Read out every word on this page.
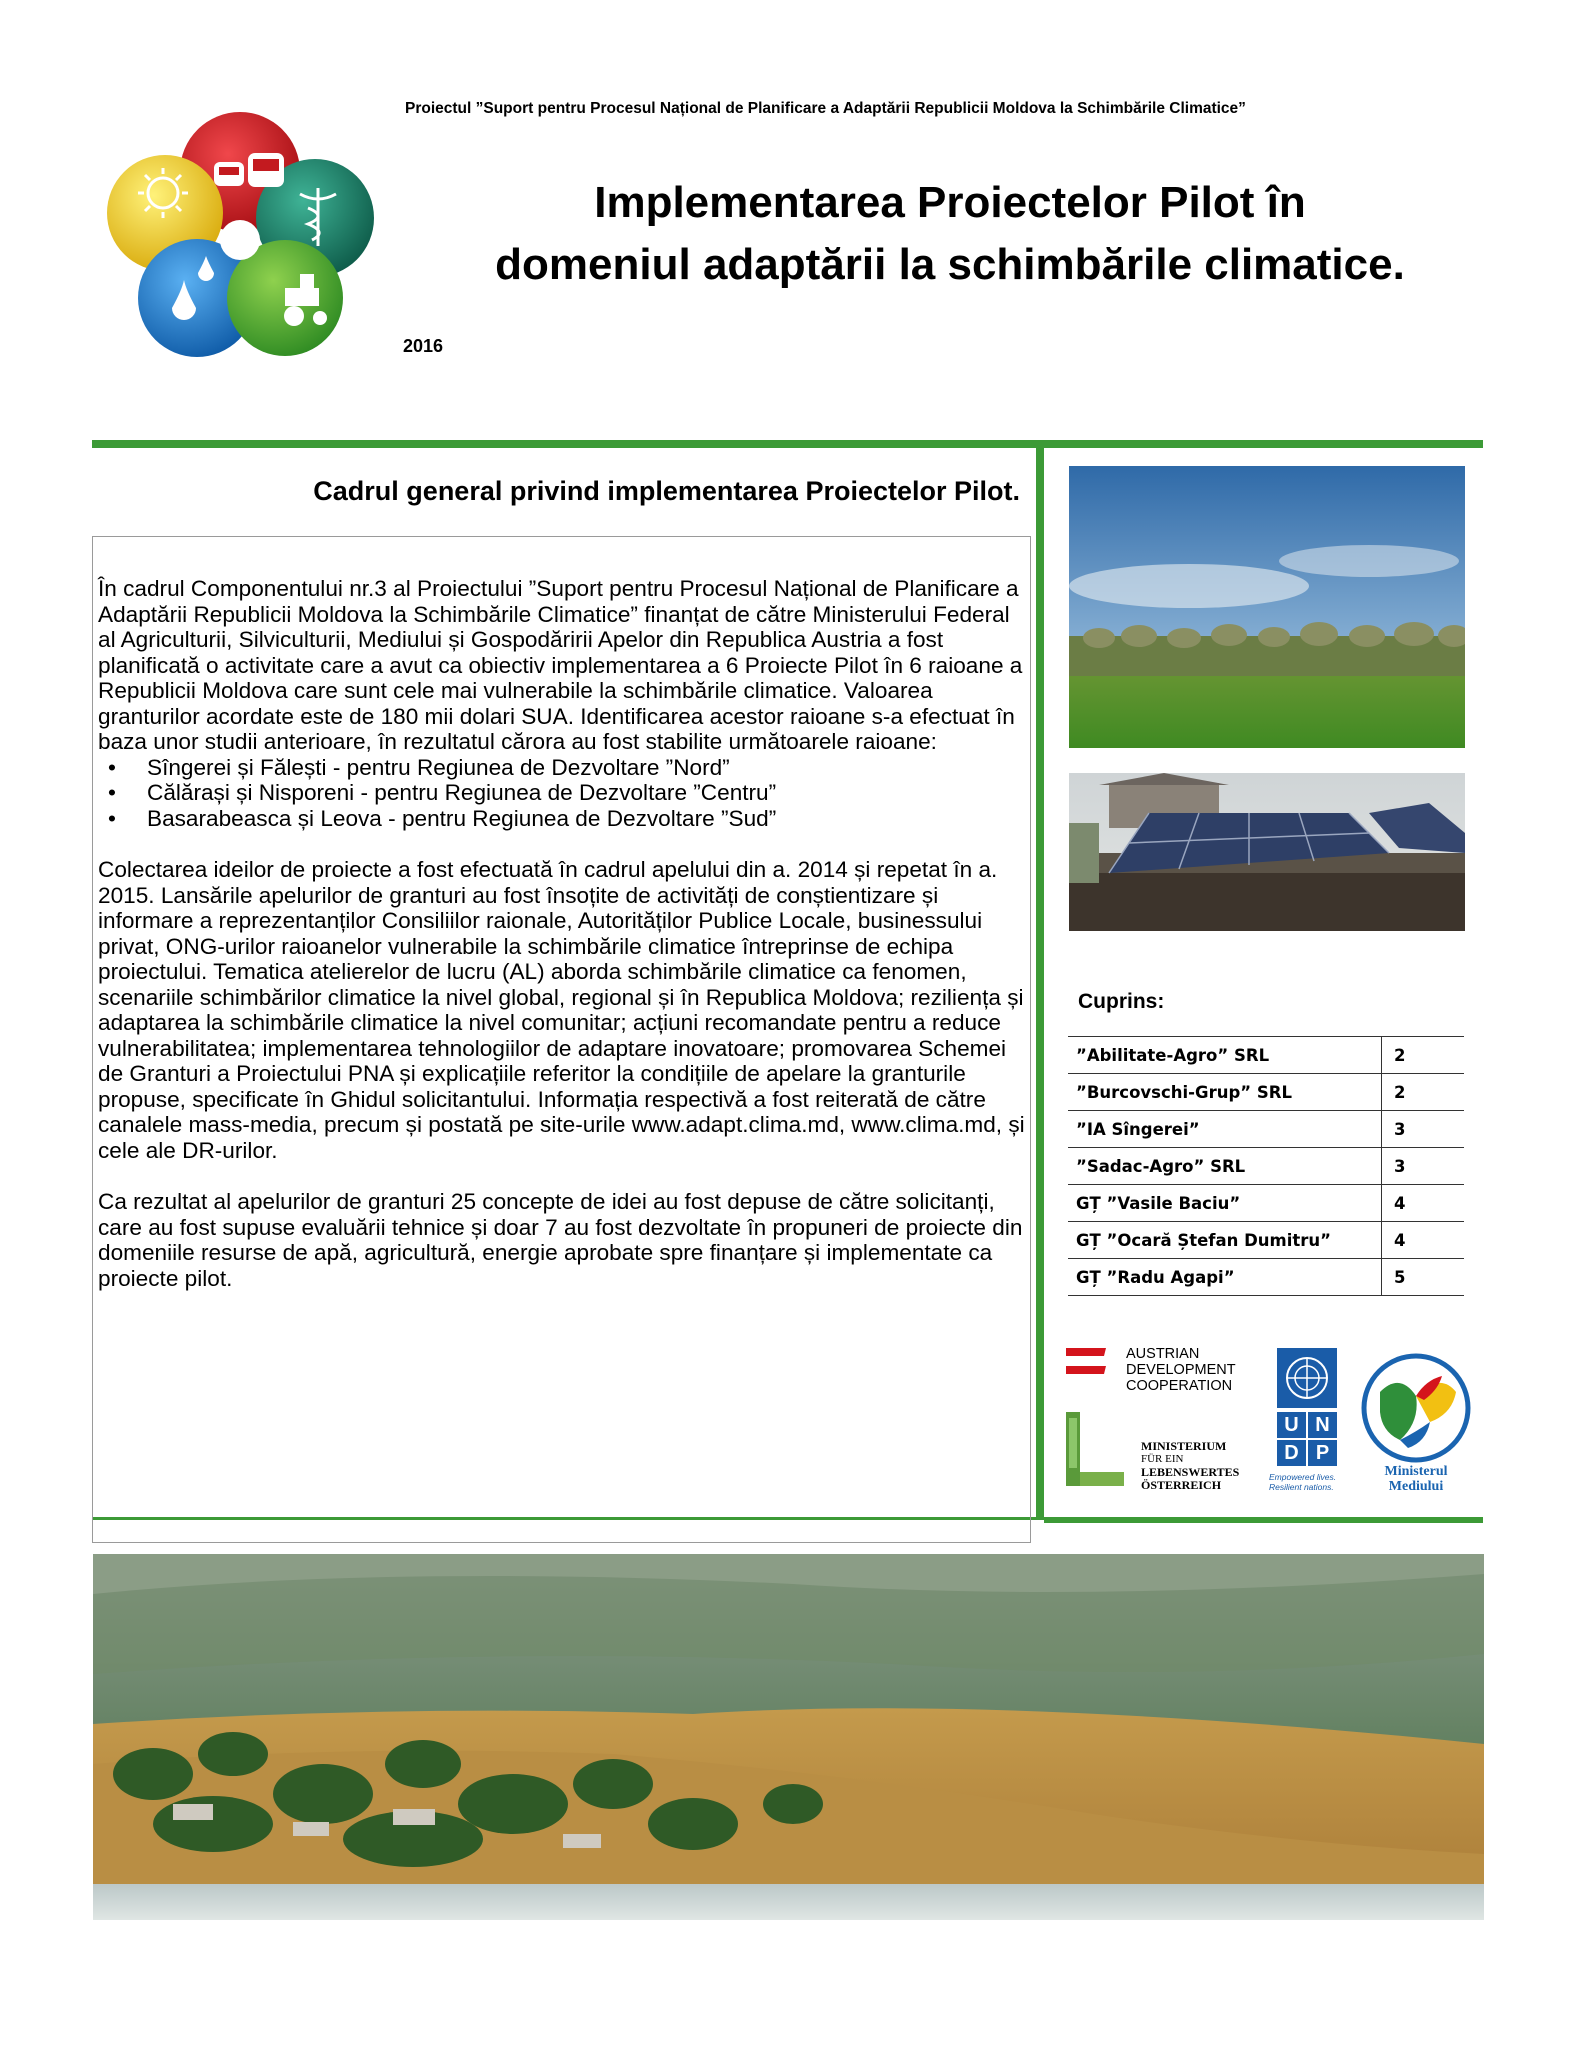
Proiectul ”Suport pentru Procesul Național de Planificare a Adaptării Republicii Moldova la Schimbările Climatice”
Implementarea Proiectelor Pilot în
domeniul adaptării la schimbările climatice.
2016
Cadrul general privind implementarea Proiectelor Pilot.

În cadrul Componentului nr.3 al Proiectului ”Suport pentru Procesul Național de Planificare a Adaptării Republicii Moldova la Schimbările Climatice” finanțat de către Ministerului Federal al Agriculturii, Silviculturii, Mediului și Gospodăririi Apelor din Republica Austria a fost planificată o activitate care a avut ca obiectiv implementarea a 6 Proiecte Pilot în 6 raioane a Republicii Moldova care sunt cele mai vulnerabile la schimbările climatice. Valoarea granturilor acordate este de 180 mii dolari SUA. Identificarea acestor raioane s-a efectuat în baza unor studii anterioare, în rezultatul cărora au fost stabilite următoarele raioane:

• Sîngerei și Fălești - pentru Regiunea de Dezvoltare ”Nord”
• Călărași și Nisporeni - pentru Regiunea de Dezvoltare ”Centru”
• Basarabeasca și Leova - pentru Regiunea de Dezvoltare ”Sud”

Colectarea ideilor de proiecte a fost efectuată în cadrul apelului din a. 2014 și repetat în a. 2015. Lansările apelurilor de granturi au fost însoțite de activități de conștientizare și informare a reprezentanților Consiliilor raionale, Autorităților Publice Locale, businessului privat, ONG-urilor raioanelor vulnerabile la schimbările climatice întreprinse de echipa proiectului. Tematica atelierelor de lucru (AL) aborda schimbările climatice ca fenomen, scenariile schimbărilor climatice la nivel global, regional și în Republica Moldova; reziliența și adaptarea la schimbările climatice la nivel comunitar; acțiuni recomandate pentru a reduce vulnerabilitatea; implementarea tehnologiilor de adaptare inovatoare; promovarea Schemei de Granturi a Proiectului PNA și explicațiile referitor la condițiile de apelare la granturile propuse, specificate în Ghidul solicitantului. Informația respectivă a fost reiterată de către canalele mass-media, precum și postată pe site-urile www.adapt.clima.md, www.clima.md, și cele ale DR-urilor.

Ca rezultat al apelurilor de granturi 25 concepte de idei au fost depuse de către solicitanți, care au fost supuse evaluării tehnice și doar 7 au fost dezvoltate în propuneri de proiecte din domeniile resurse de apă, agricultură, energie aprobate spre finanțare și implementate ca proiecte pilot.

Cuprins:
”Abilitate-Agro” SRL	2
”Burcovschi-Grup” SRL	2
”IA Sîngerei”	3
”Sadac-Agro” SRL	3
GȚ ”Vasile Baciu”	4
GȚ ”Ocară Ștefan Dumitru”	4
GȚ ”Radu Agapi”	5
AUSTRIAN
DEVELOPMENT
COOPERATION
MINISTERIUM
FÜR EIN
LEBENSWERTES
ÖSTERREICH
U N
D P
Empowered lives.
Resilient nations.
Ministerul
Mediului
